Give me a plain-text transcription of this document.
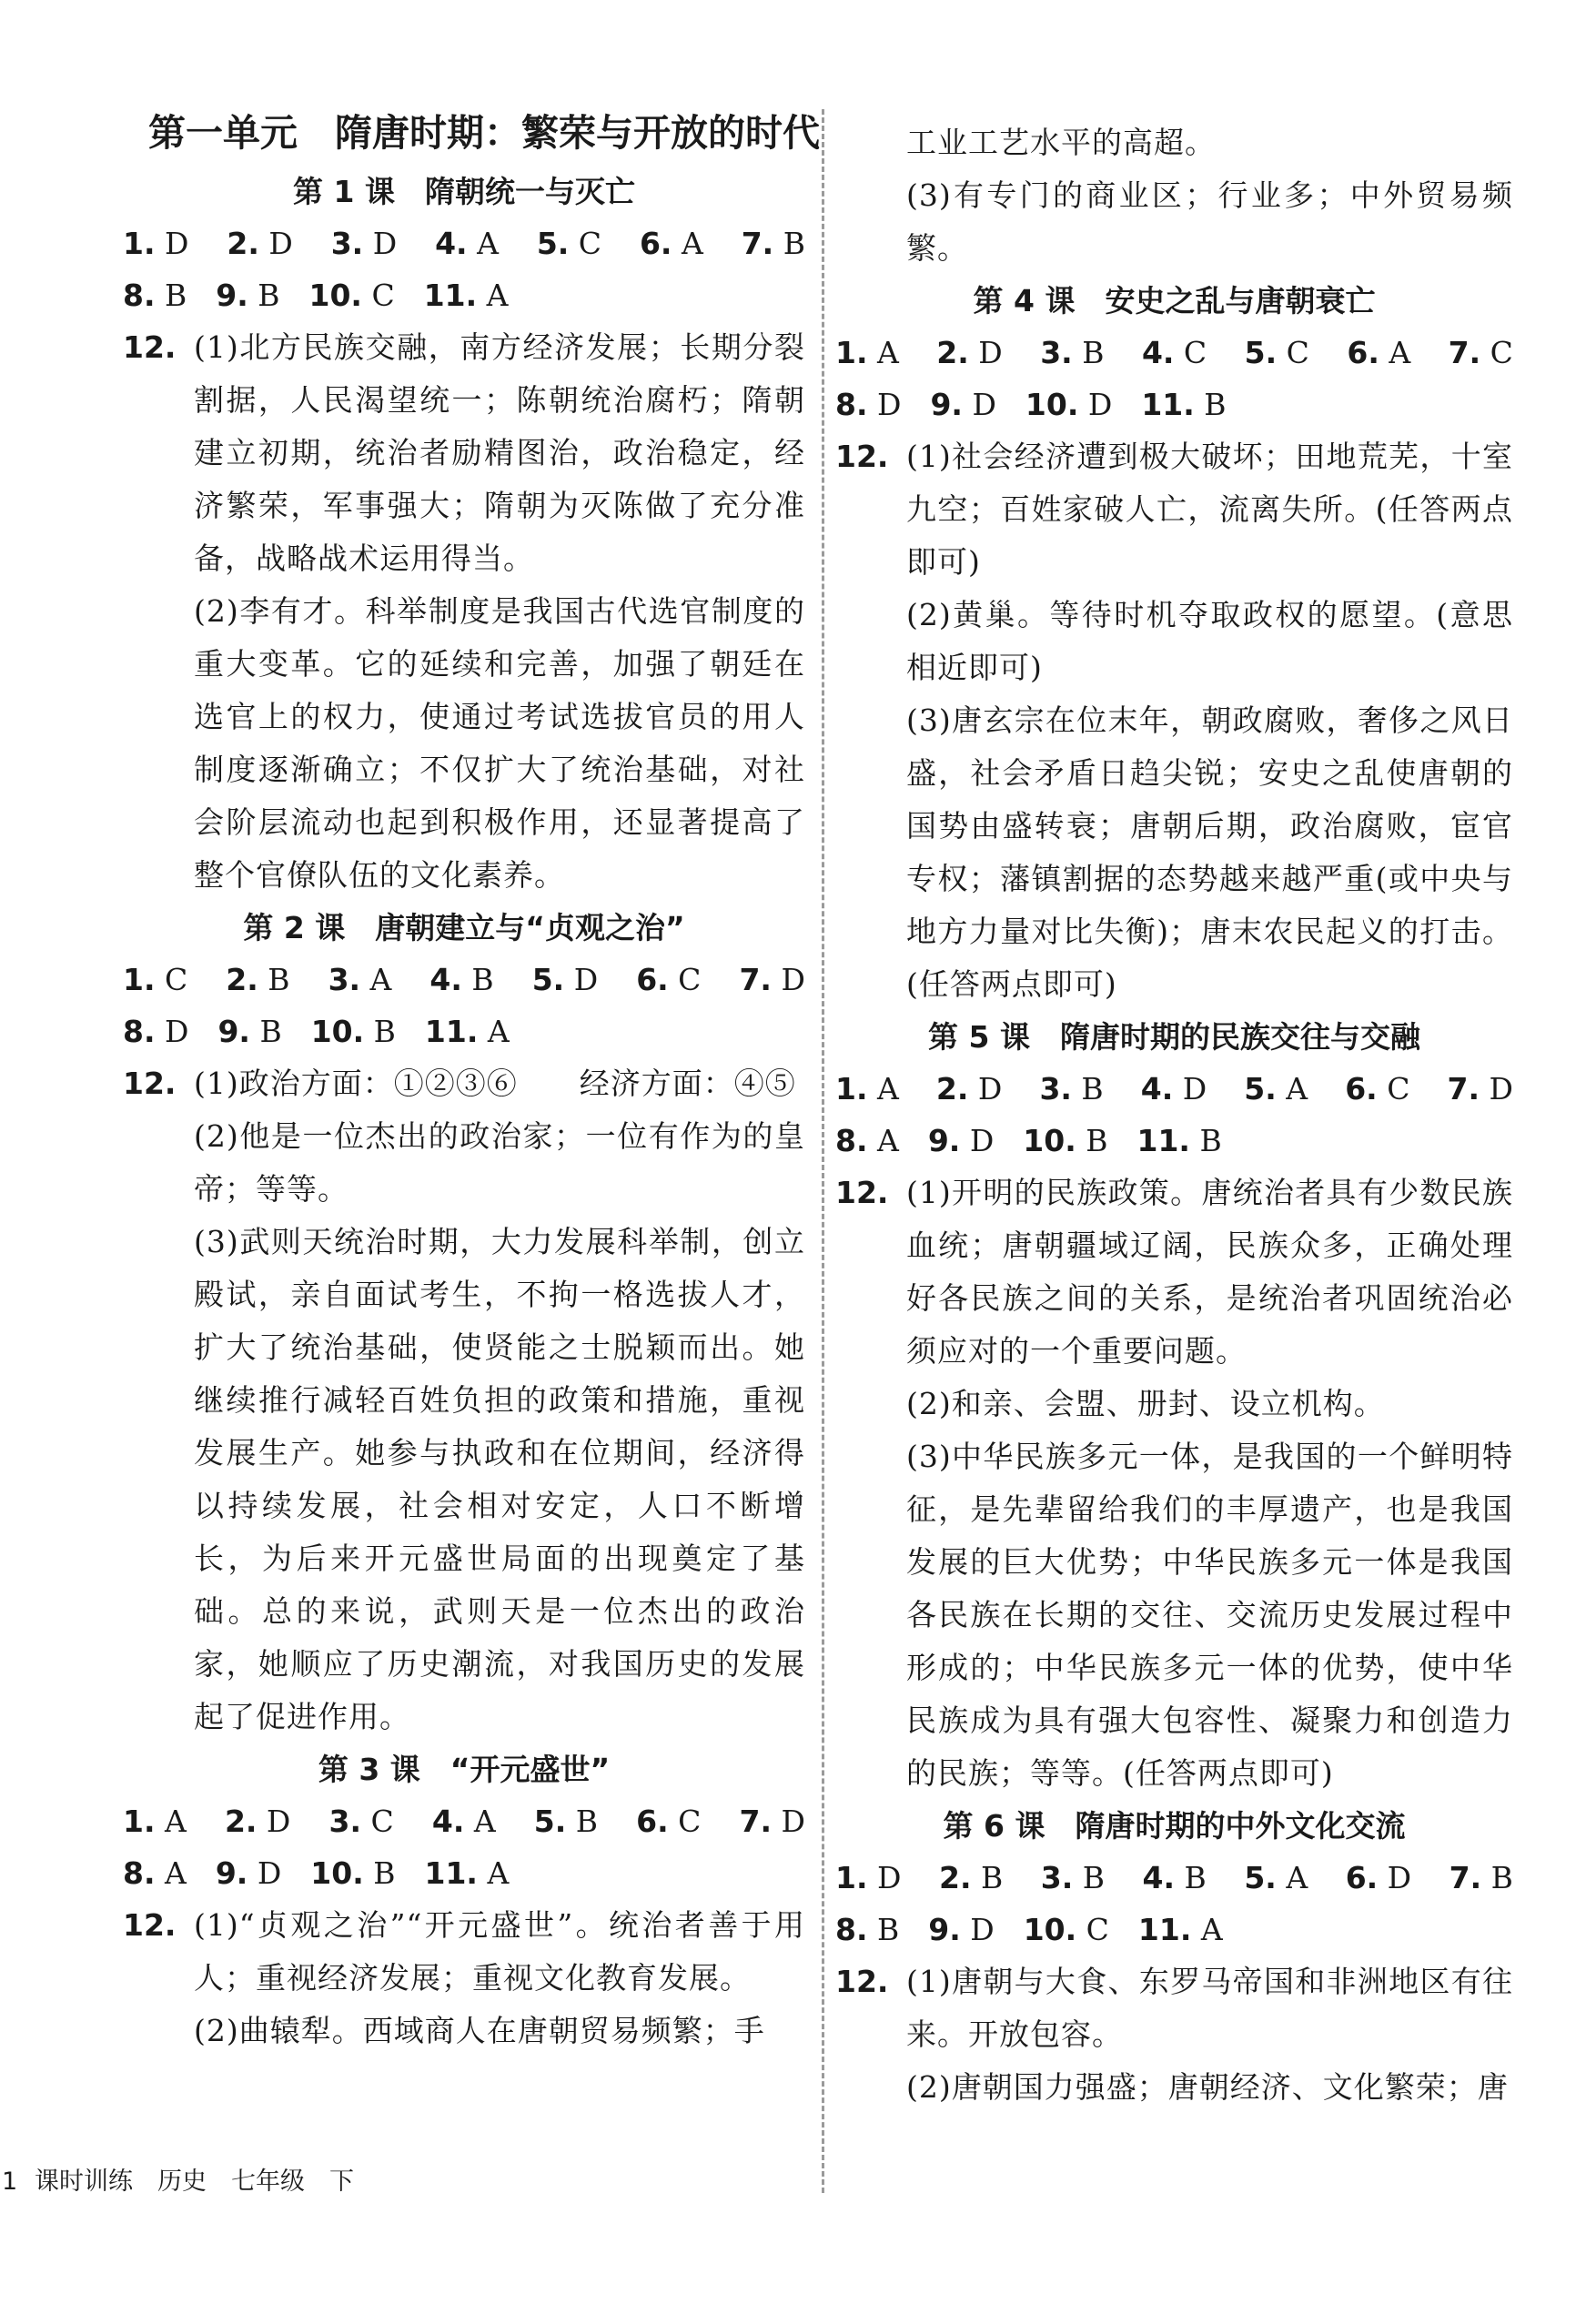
第一单元　隋唐时期：繁荣与开放的时代
第 1 课　隋朝统一与灭亡
1. D 2. D 3. D 4. A 5. C 6. A 7. B
8. B 9. B 10. C 11. A
12. (1)北方民族交融，南方经济发展；长期分裂割据，人民渴望统一；陈朝统治腐朽；隋朝建立初期，统治者励精图治，政治稳定，经济繁荣，军事强大；隋朝为灭陈做了充分准备，战略战术运用得当。

(2)李有才。科举制度是我国古代选官制度的重大变革。它的延续和完善，加强了朝廷在选官上的权力，使通过考试选拔官员的用人制度逐渐确立；不仅扩大了统治基础，对社会阶层流动也起到积极作用，还显著提高了整个官僚队伍的文化素养。

第 2 课　唐朝建立与“贞观之治”
1. C 2. B 3. A 4. B 5. D 6. C 7. D
8. D 9. B 10. B 11. A
12. (1)政治方面：①②③⑥　　经济方面：④⑤

(2)他是一位杰出的政治家；一位有作为的皇帝；等等。

(3)武则天统治时期，大力发展科举制，创立殿试，亲自面试考生，不拘一格选拔人才，扩大了统治基础，使贤能之士脱颖而出。她继续推行减轻百姓负担的政策和措施，重视发展生产。她参与执政和在位期间，经济得以持续发展，社会相对安定，人口不断增长，为后来开元盛世局面的出现奠定了基础。总的来说，武则天是一位杰出的政治家，她顺应了历史潮流，对我国历史的发展起了促进作用。

第 3 课　“开元盛世”
1. A 2. D 3. C 4. A 5. B 6. C 7. D
8. A 9. D 10. B 11. A
12. (1)“贞观之治”“开元盛世”。统治者善于用人；重视经济发展；重视文化教育发展。

(2)曲辕犁。西域商人在唐朝贸易频繁；手

工业工艺水平的高超。

(3)有专门的商业区；行业多；中外贸易频繁。

第 4 课　安史之乱与唐朝衰亡
1. A 2. D 3. B 4. C 5. C 6. A 7. C
8. D 9. D 10. D 11. B
12. (1)社会经济遭到极大破坏；田地荒芜，十室九空；百姓家破人亡，流离失所。(任答两点即可)

(2)黄巢。等待时机夺取政权的愿望。(意思相近即可)

(3)唐玄宗在位末年，朝政腐败，奢侈之风日盛，社会矛盾日趋尖锐；安史之乱使唐朝的国势由盛转衰；唐朝后期，政治腐败，宦官专权；藩镇割据的态势越来越严重(或中央与地方力量对比失衡)；唐末农民起义的打击。(任答两点即可)

第 5 课　隋唐时期的民族交往与交融
1. A 2. D 3. B 4. D 5. A 6. C 7. D
8. A 9. D 10. B 11. B
12. (1)开明的民族政策。唐统治者具有少数民族血统；唐朝疆域辽阔，民族众多，正确处理好各民族之间的关系，是统治者巩固统治必须应对的一个重要问题。

(2)和亲、会盟、册封、设立机构。

(3)中华民族多元一体，是我国的一个鲜明特征，是先辈留给我们的丰厚遗产，也是我国发展的巨大优势；中华民族多元一体是我国各民族在长期的交往、交流历史发展过程中形成的；中华民族多元一体的优势，使中华民族成为具有强大包容性、凝聚力和创造力的民族；等等。(任答两点即可)

第 6 课　隋唐时期的中外文化交流
1. D 2. B 3. B 4. B 5. A 6. D 7. B
8. B 9. D 10. C 11. A
12. (1)唐朝与大食、东罗马帝国和非洲地区有往来。开放包容。

(2)唐朝国力强盛；唐朝经济、文化繁荣；唐

1 课时训练　历史　七年级　下
